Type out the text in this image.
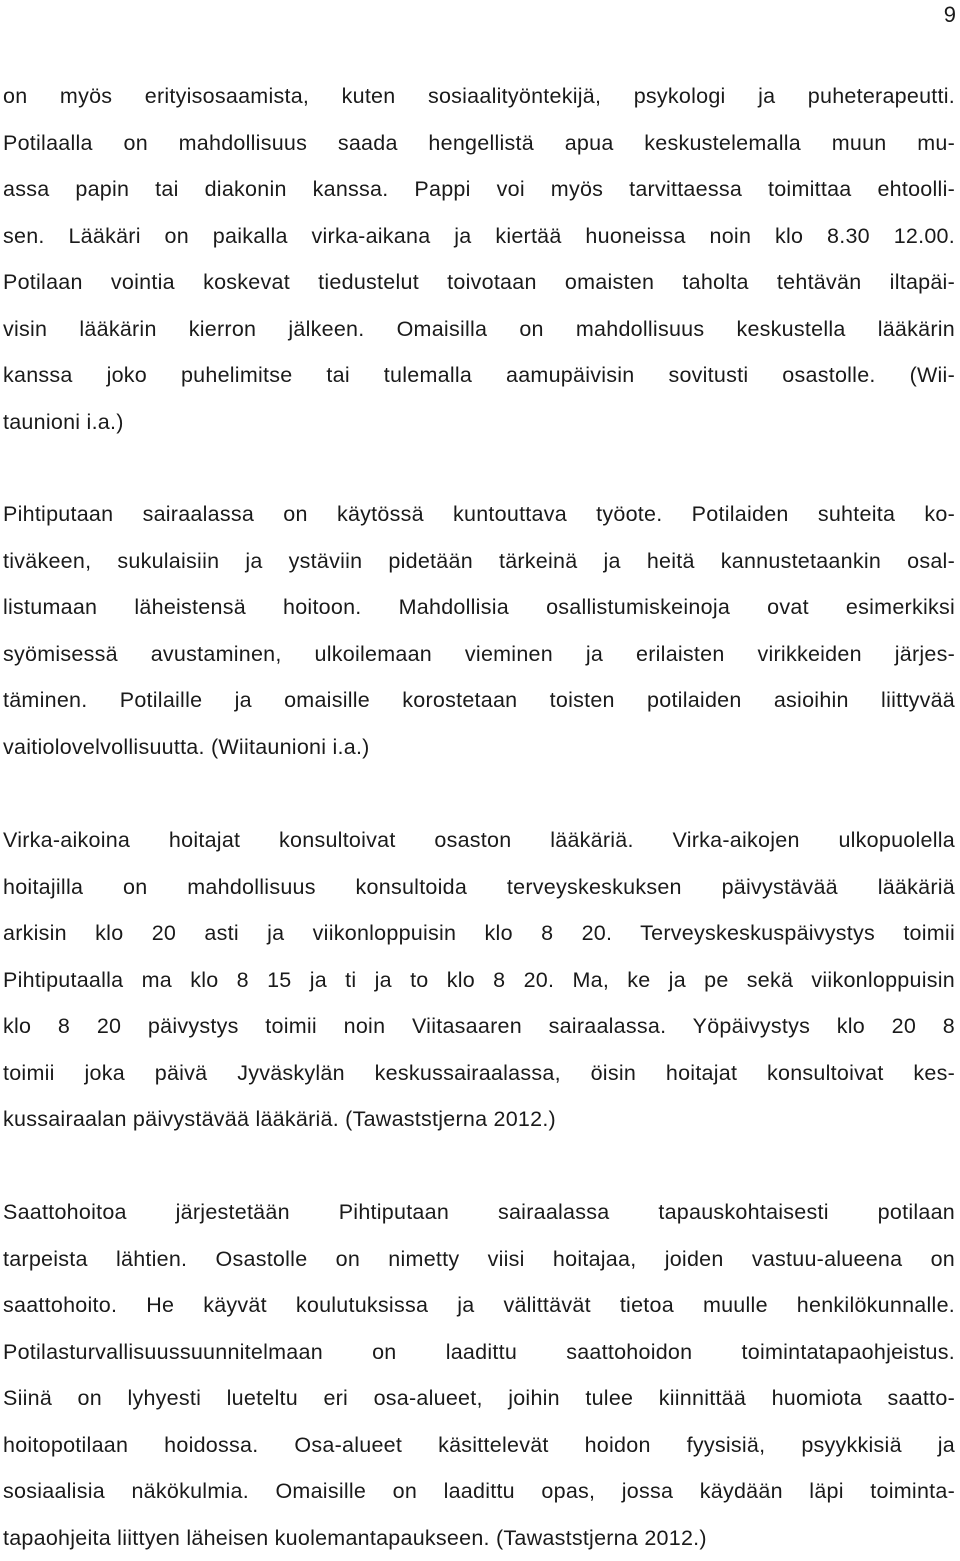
9

on myös erityisosaamista, kuten sosiaalityöntekijä, psykologi ja puheterapeutti.
Potilaalla on mahdollisuus saada hengellistä apua keskustelemalla muun mu-
assa papin tai diakonin kanssa. Pappi voi myös tarvittaessa toimittaa ehtoolli-
sen. Lääkäri on paikalla virka-aikana ja kiertää huoneissa noin klo 8.30 12.00.
Potilaan vointia koskevat tiedustelut toivotaan omaisten taholta tehtävän iltapäi-
visin lääkärin kierron jälkeen. Omaisilla on mahdollisuus keskustella lääkärin
kanssa joko puhelimitse tai tulemalla aamupäivisin sovitusti osastolle. (Wii-
taunioni i.a.)

Pihtiputaan sairaalassa on käytössä kuntouttava työote. Potilaiden suhteita ko-
tiväkeen, sukulaisiin ja ystäviin pidetään tärkeinä ja heitä kannustetaankin osal-
listumaan läheistensä hoitoon. Mahdollisia osallistumiskeinoja ovat esimerkiksi
syömisessä avustaminen, ulkoilemaan vieminen ja erilaisten virikkeiden järjes-
täminen. Potilaille ja omaisille korostetaan toisten potilaiden asioihin liittyvää
vaitiolovelvollisuutta. (Wiitaunioni i.a.)

Virka-aikoina hoitajat konsultoivat osaston lääkäriä. Virka-aikojen ulkopuolella
hoitajilla on mahdollisuus konsultoida terveyskeskuksen päivystävää lääkäriä
arkisin klo 20 asti ja viikonloppuisin klo 8 20. Terveyskeskuspäivystys toimii
Pihtiputaalla ma klo 8 15 ja ti ja to klo 8 20. Ma, ke ja pe sekä viikonloppuisin
klo 8 20 päivystys toimii noin Viitasaaren sairaalassa. Yöpäivystys klo 20 8
toimii joka päivä Jyväskylän keskussairaalassa, öisin hoitajat konsultoivat kes-
kussairaalan päivystävää lääkäriä. (Tawaststjerna 2012.)

Saattohoitoa järjestetään Pihtiputaan sairaalassa tapauskohtaisesti potilaan
tarpeista lähtien. Osastolle on nimetty viisi hoitajaa, joiden vastuu-alueena on
saattohoito. He käyvät koulutuksissa ja välittävät tietoa muulle henkilökunnalle.
Potilasturvallisuussuunnitelmaan on laadittu saattohoidon toimintatapaohjeistus.
Siinä on lyhyesti lueteltu eri osa-alueet, joihin tulee kiinnittää huomiota saatto-
hoitopotilaan hoidossa. Osa-alueet käsittelevät hoidon fyysisiä, psyykkisiä ja
sosiaalisia näkökulmia. Omaisille on laadittu opas, jossa käydään läpi toiminta-
tapaohjeita liittyen läheisen kuolemantapaukseen. (Tawaststjerna 2012.)
